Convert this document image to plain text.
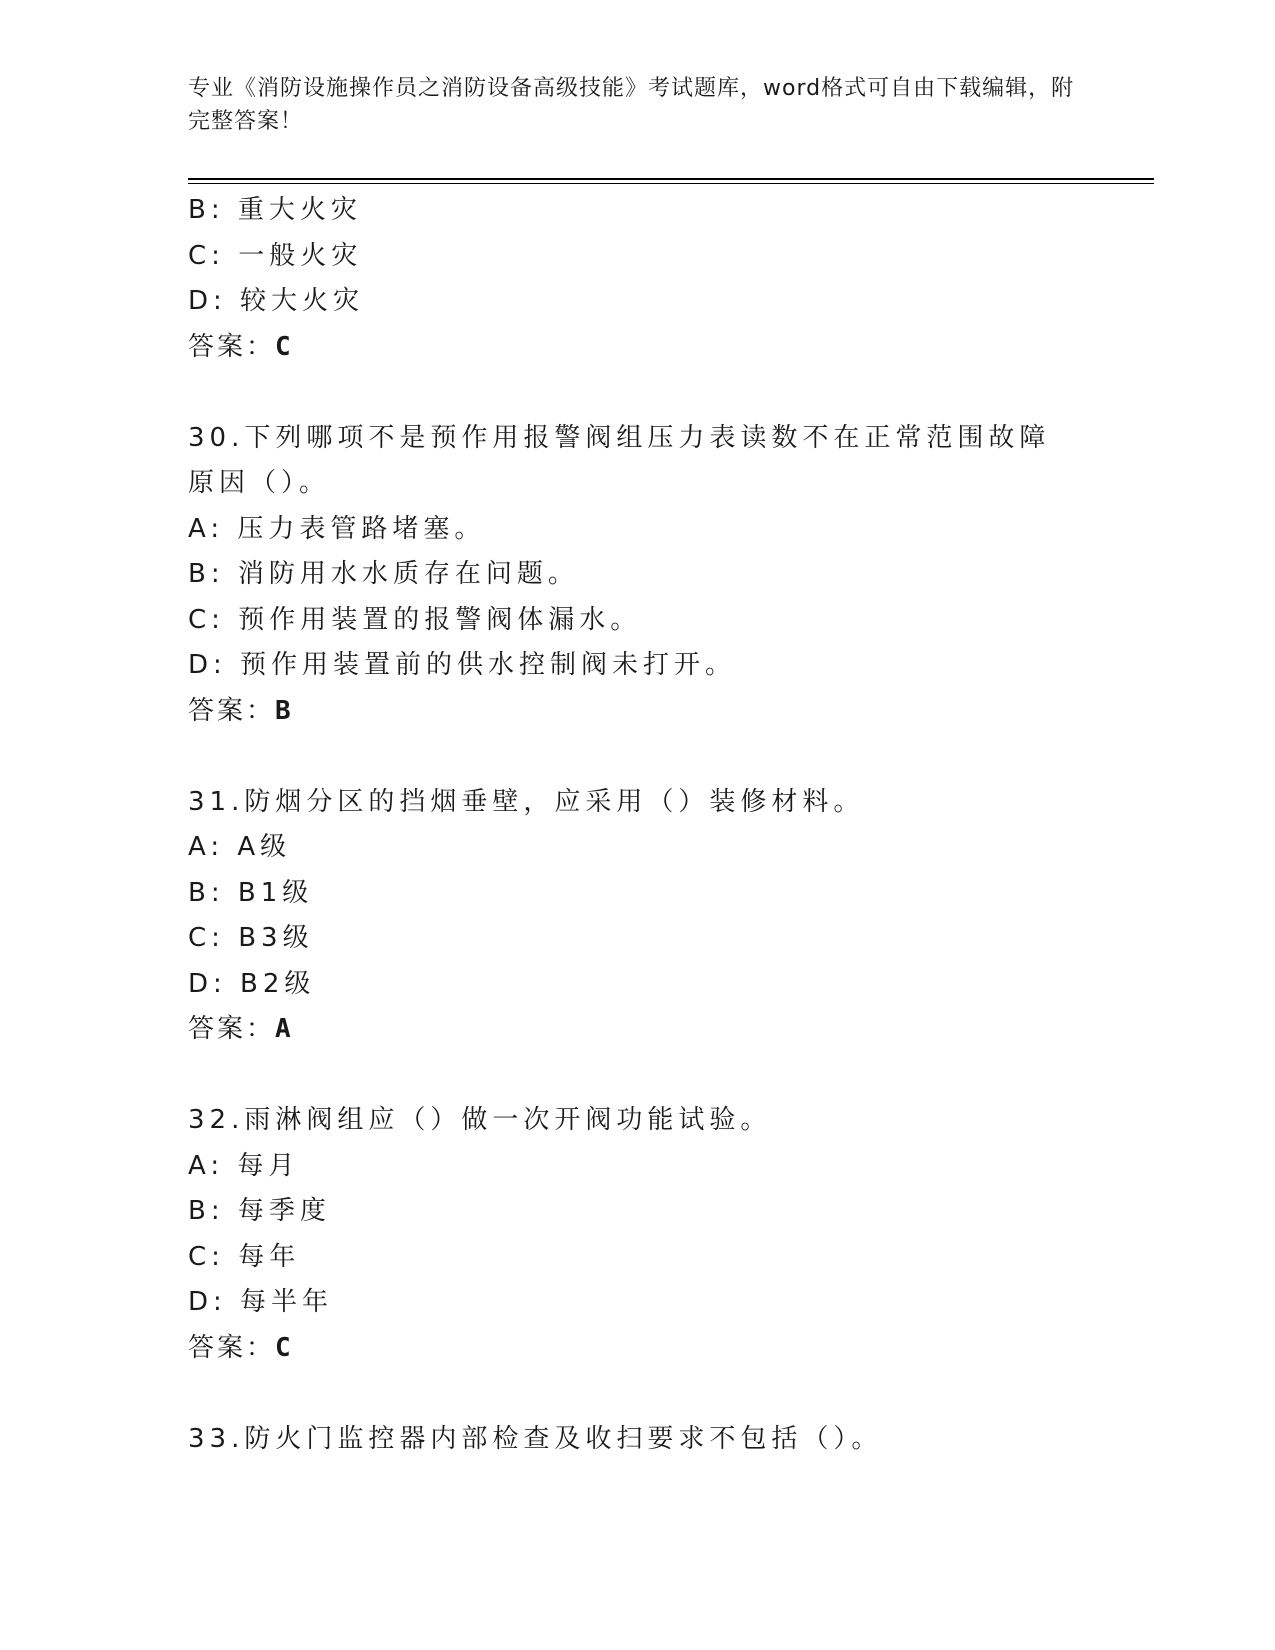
专业《消防设施操作员之消防设备高级技能》考试题库，word格式可自由下载编辑，附完整答案！
B: 重大火灾
C: 一般火灾
D: 较大火灾
答案：C
30.下列哪项不是预作用报警阀组压力表读数不在正常范围故障原因（）。
A: 压力表管路堵塞。
B: 消防用水水质存在问题。
C: 预作用装置的报警阀体漏水。
D: 预作用装置前的供水控制阀未打开。
答案：B
31.防烟分区的挡烟垂壁，应采用（）装修材料。
A: A级
B: B1级
C: B3级
D: B2级
答案：A
32.雨淋阀组应（）做一次开阀功能试验。
A: 每月
B: 每季度
C: 每年
D: 每半年
答案：C
33.防火门监控器内部检查及收扫要求不包括（）。
